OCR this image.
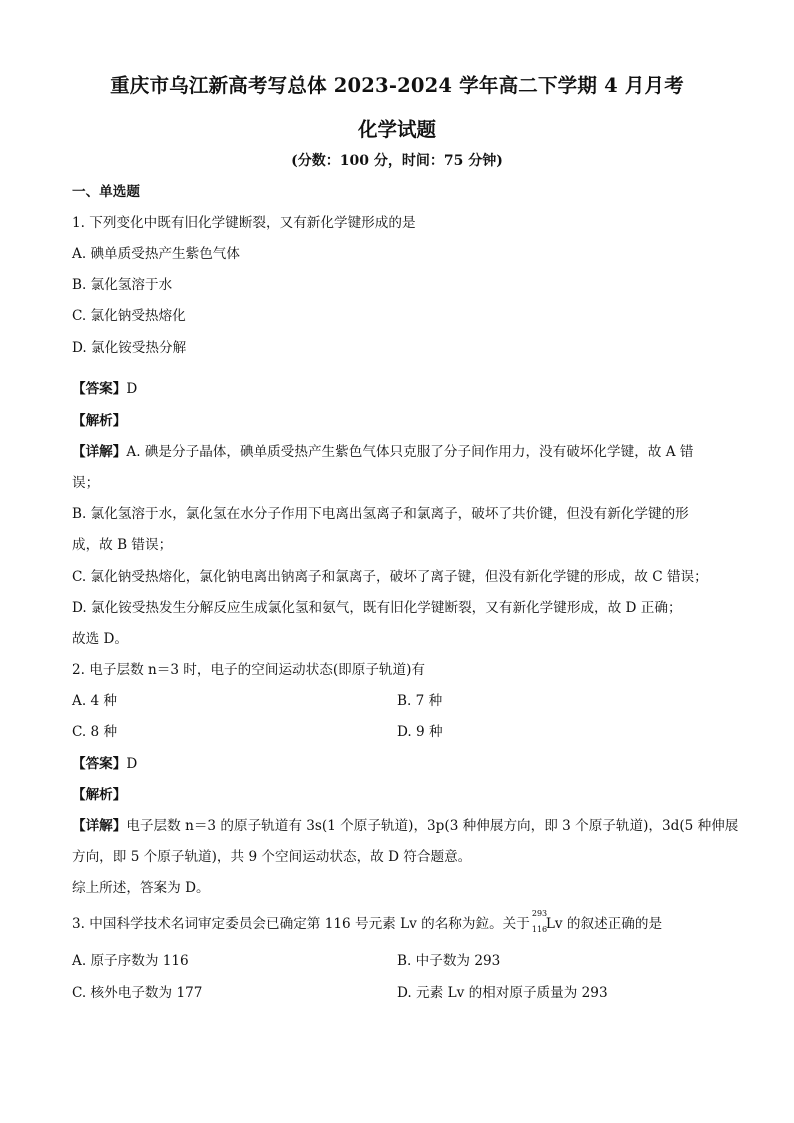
重庆市乌江新高考写总体 2023-2024 学年高二下学期 4 月月考
化学试题
(分数：100 分，时间：75 分钟)
一、单选题
1. 下列变化中既有旧化学键断裂，又有新化学键形成的是
A. 碘单质受热产生紫色气体
B. 氯化氢溶于水
C. 氯化钠受热熔化
D. 氯化铵受热分解
【答案】D
【解析】
【详解】A. 碘是分子晶体，碘单质受热产生紫色气体只克服了分子间作用力，没有破坏化学键，故 A 错
误；
B. 氯化氢溶于水，氯化氢在水分子作用下电离出氢离子和氯离子，破坏了共价键，但没有新化学键的形
成，故 B 错误；
C. 氯化钠受热熔化，氯化钠电离出钠离子和氯离子，破坏了离子键，但没有新化学键的形成，故 C 错误；
D. 氯化铵受热发生分解反应生成氯化氢和氨气，既有旧化学键断裂，又有新化学键形成，故 D 正确；
故选 D。
2. 电子层数 n＝3 时，电子的空间运动状态(即原子轨道)有
A. 4 种	B. 7 种
C. 8 种	D. 9 种
【答案】D
【解析】
【详解】电子层数 n＝3 的原子轨道有 3s(1 个原子轨道)，3p(3 种伸展方向，即 3 个原子轨道)，3d(5 种伸展
方向，即 5 个原子轨道)，共 9 个空间运动状态，故 D 符合题意。
综上所述，答案为 D。
3. 中国科学技术名词审定委员会已确定第 116 号元素 Lv 的名称为鉝。关于
293
116
Lv 的叙述正确的是
A. 原子序数为 116	B. 中子数为 293
C. 核外电子数为 177	D. 元素 Lv 的相对原子质量为 293
